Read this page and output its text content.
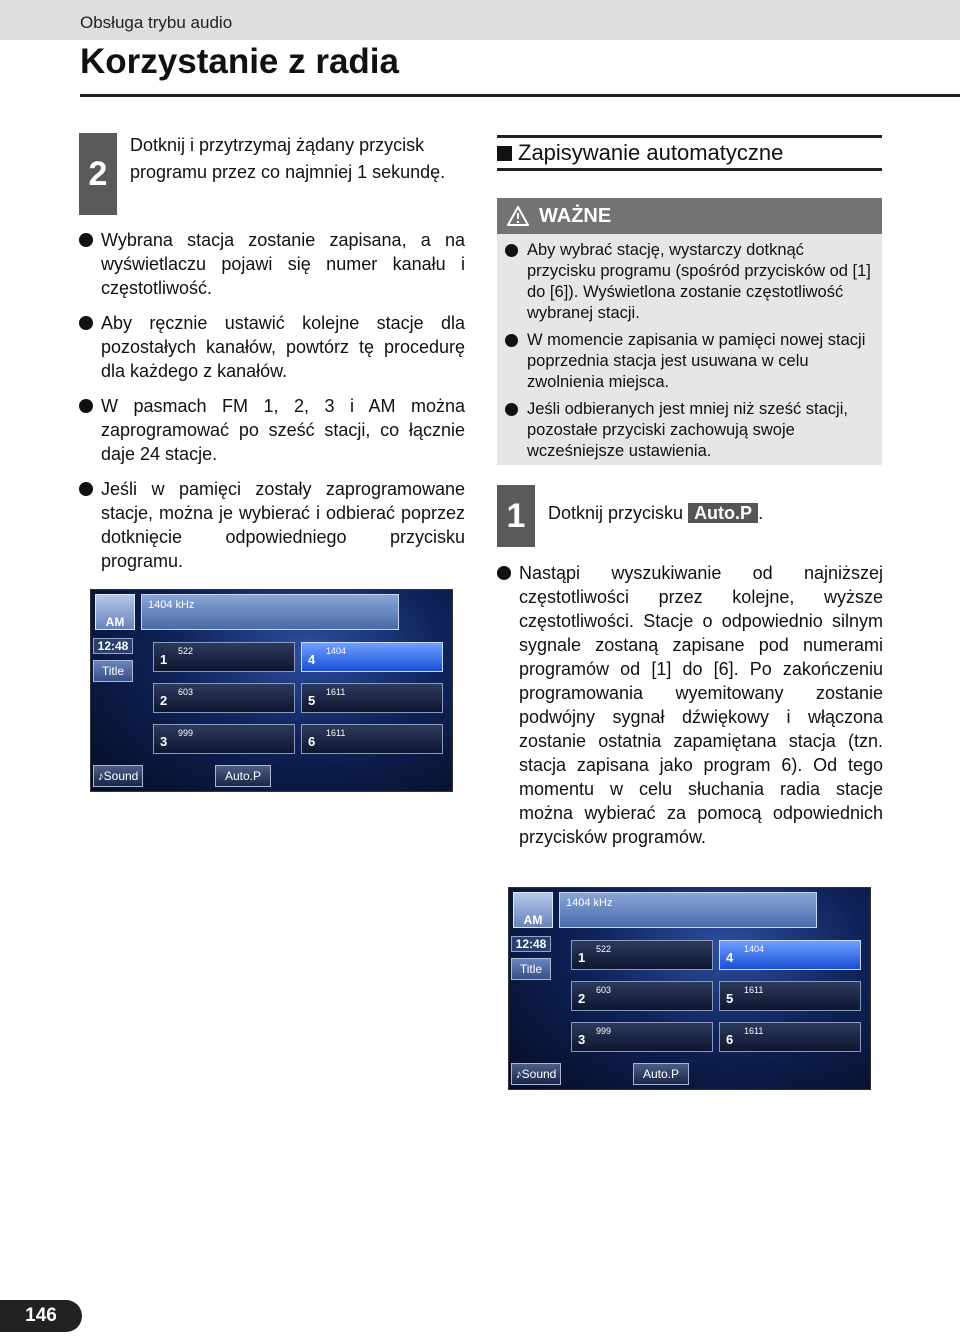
Obsługa trybu audio
Korzystanie z radia
2
Dotknij i przytrzymaj żądany przycisk programu przez co najmniej 1 sekundę.
Wybrana stacja zostanie zapisana, a na wyświetlaczu pojawi się numer kanału i częstotliwość.
Aby ręcznie ustawić kolejne stacje dla pozostałych kanałów, powtórz tę procedurę dla każdego z kanałów.
W pasmach FM 1, 2, 3 i AM można zaprogramować po sześć stacji, co łącznie daje 24 stacje.
Jeśli w pamięci zostały zaprogramowane stacje, można je wybierać i odbierać poprzez dotknięcie odpowiedniego przycisku programu.
AM
1404 kHz
12:48
Title
522
1
603
2
999
3
1404
4
1611
5
1611
6
♪Sound	Auto.P
Zapisywanie automatyczne
WAŻNE
Aby wybrać stację, wystarczy dotknąć przycisku programu (spośród przycisków od [1] do [6]). Wyświetlona zostanie częstotliwość wybranej stacji.
W momencie zapisania w pamięci nowej stacji poprzednia stacja jest usuwana w celu zwolnienia miejsca.
Jeśli odbieranych jest mniej niż sześć stacji, pozostałe przyciski zachowują swoje wcześniejsze ustawienia.
1	Dotknij przycisku Auto.P .
Nastąpi wyszukiwanie od najniższej częstotliwości przez kolejne, wyższe częstotliwości. Stacje o odpowiednio silnym sygnale zostaną zapisane pod numerami programów od [1] do [6]. Po zakończeniu programowania wyemitowany zostanie podwójny sygnał dźwiękowy i włączona zostanie ostatnia zapamiętana stacja (tzn. stacja zapisana jako program 6). Od tego momentu w celu słuchania radia stacje można wybierać za pomocą odpowiednich przycisków programów.
AM
1404 kHz
12:48
Title
522
1
603
2
999
3
1404
4
1611
5
1611
6
♪Sound	Auto.P
146
